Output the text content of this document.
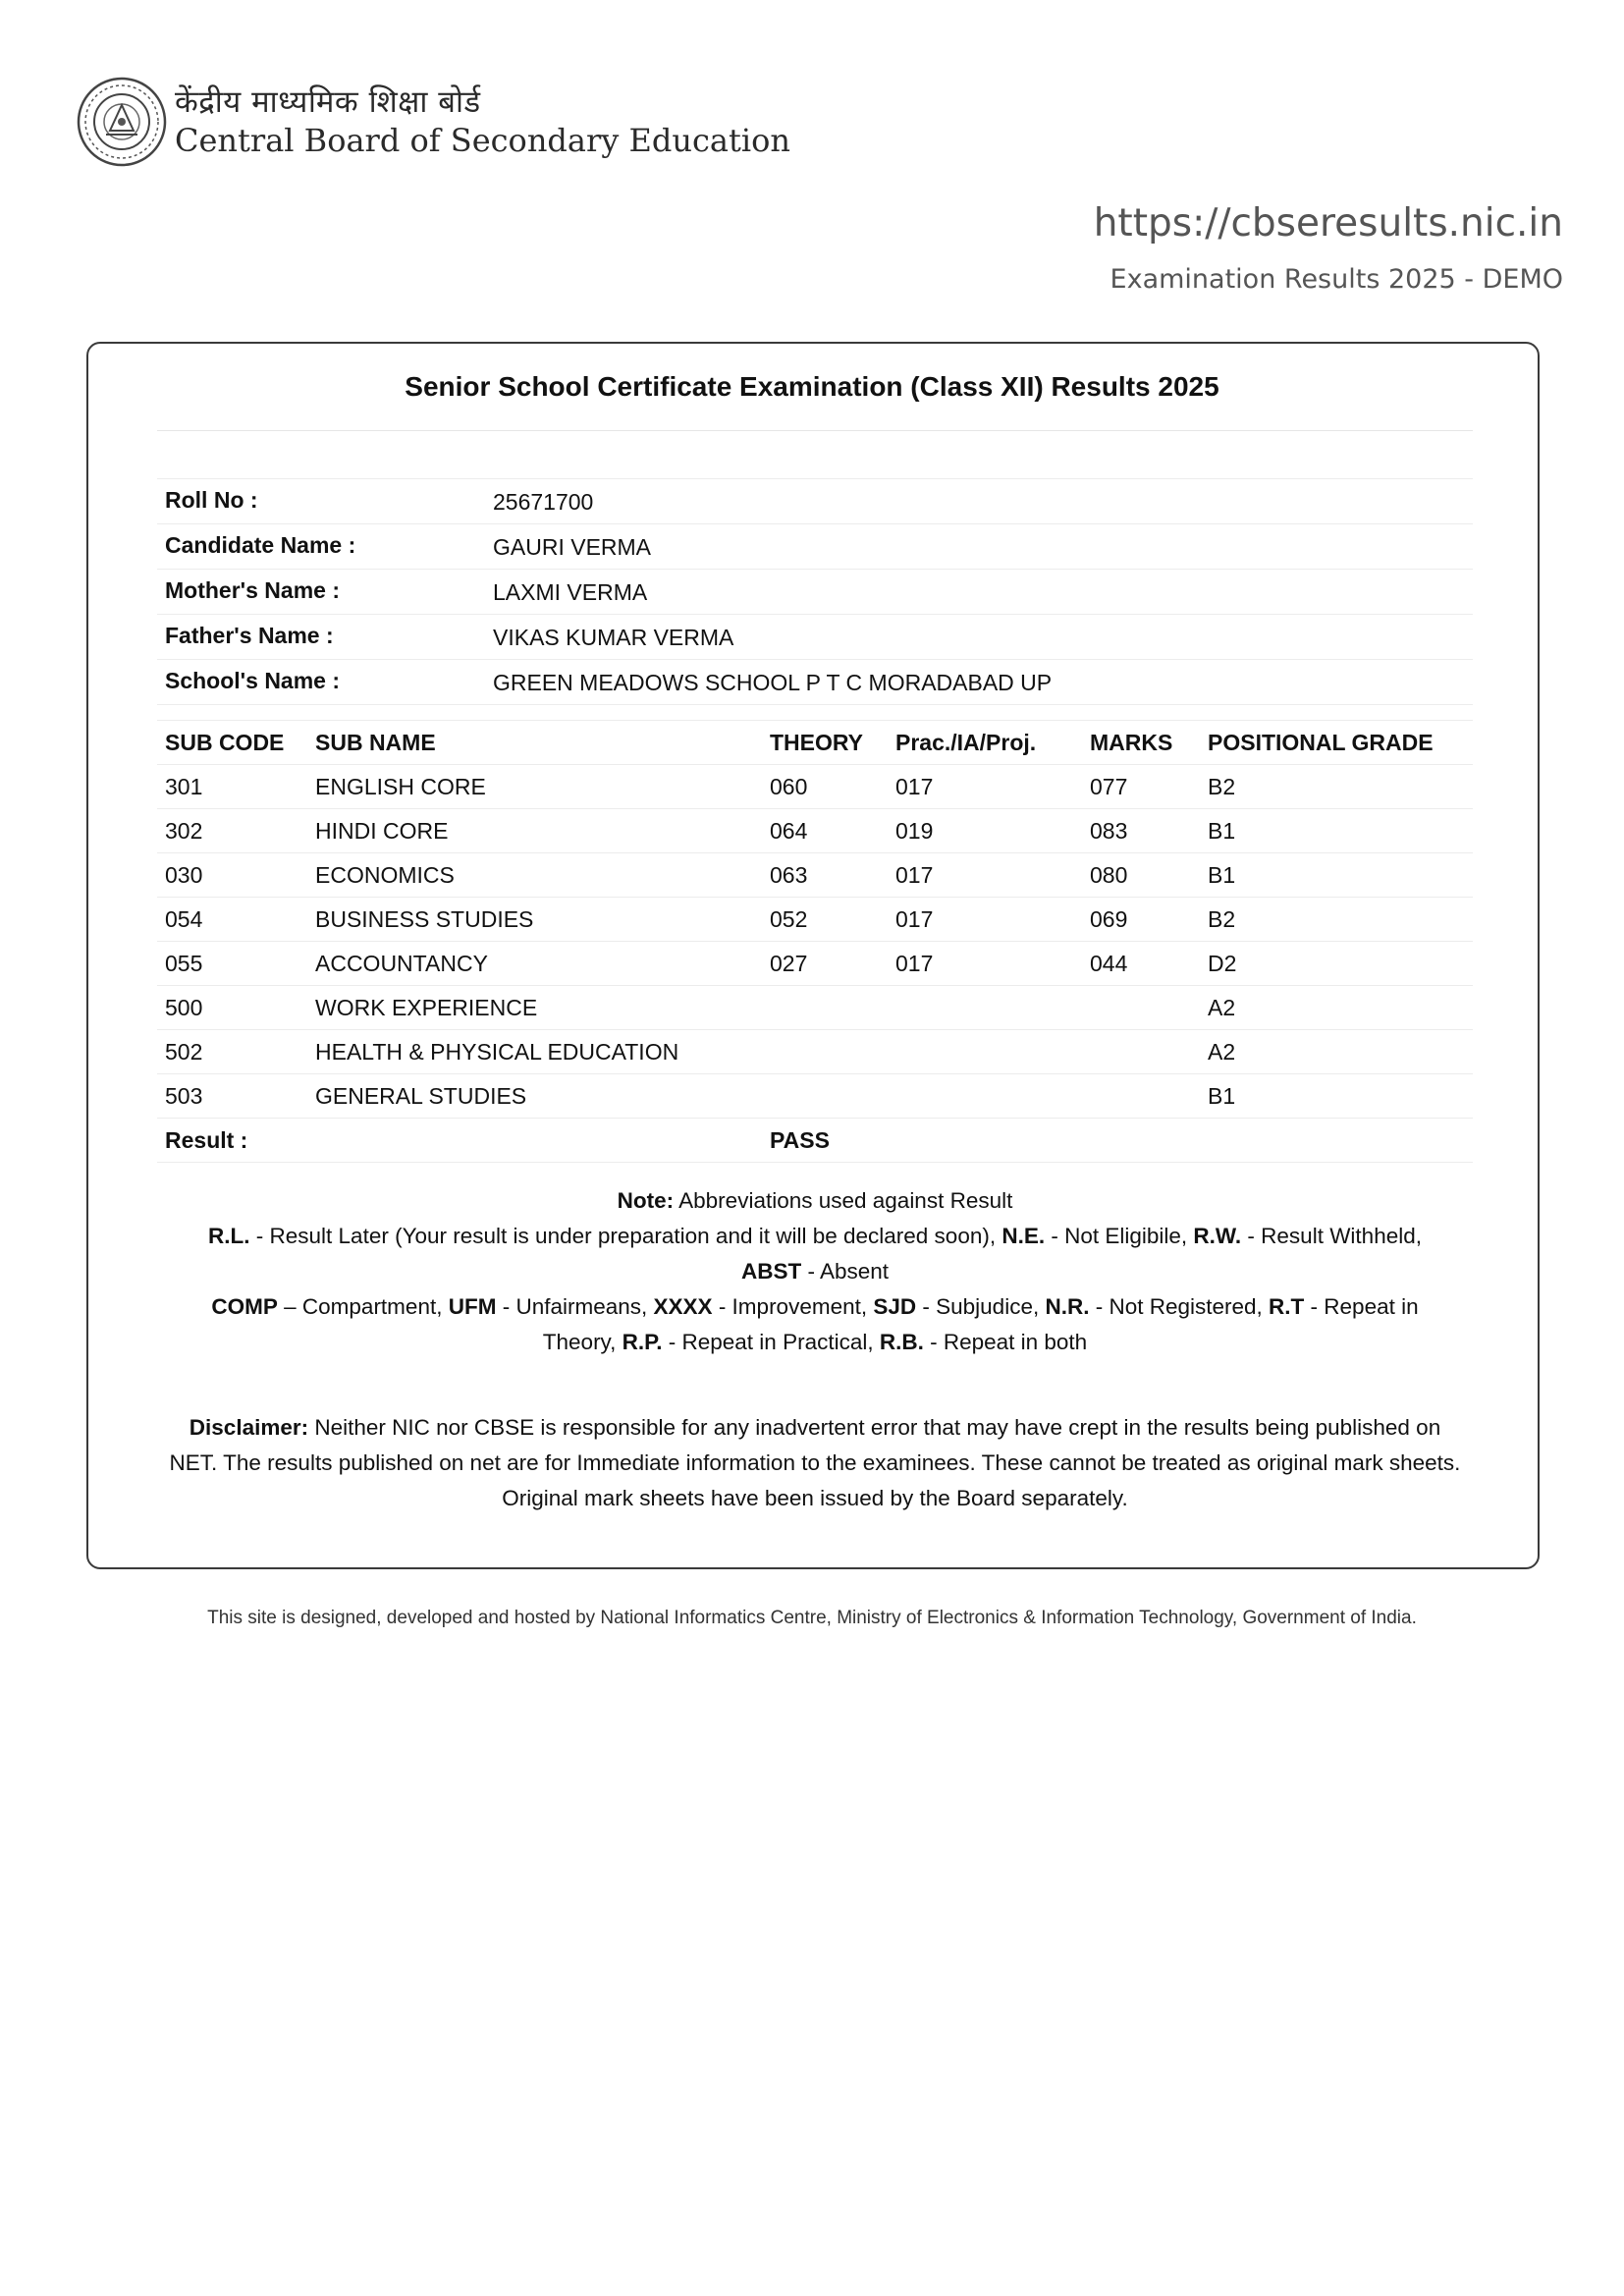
केंद्रीय माध्यमिक शिक्षा बोर्ड
Central Board of Secondary Education
https://cbseresults.nic.in
Examination Results 2025 - DEMO
Senior School Certificate Examination (Class XII) Results 2025
Roll No :	25671700
Candidate Name :	GAURI VERMA
Mother's Name :	LAXMI VERMA
Father's Name :	VIKAS KUMAR VERMA
School's Name :	GREEN MEADOWS SCHOOL P T C MORADABAD UP
SUB CODE	SUB NAME	THEORY	Prac./IA/Proj.	MARKS	POSITIONAL GRADE
301	ENGLISH CORE	060	017	077	B2
302	HINDI CORE	064	019	083	B1
030	ECONOMICS	063	017	080	B1
054	BUSINESS STUDIES	052	017	069	B2
055	ACCOUNTANCY	027	017	044	D2
500	WORK EXPERIENCE				A2
502	HEALTH & PHYSICAL EDUCATION				A2
503	GENERAL STUDIES				B1
Result :		PASS			
Note: Abbreviations used against Result
R.L. - Result Later (Your result is under preparation and it will be declared soon), N.E. - Not Eligibile, R.W. - Result Withheld,
ABST - Absent
COMP – Compartment, UFM - Unfairmeans, XXXX - Improvement, SJD - Subjudice, N.R. - Not Registered, R.T - Repeat in Theory, R.P. - Repeat in Practical, R.B. - Repeat in both
Disclaimer: Neither NIC nor CBSE is responsible for any inadvertent error that may have crept in the results being published on NET. The results published on net are for Immediate information to the examinees. These cannot be treated as original mark sheets. Original mark sheets have been issued by the Board separately.
This site is designed, developed and hosted by National Informatics Centre, Ministry of Electronics & Information Technology, Government of India.
